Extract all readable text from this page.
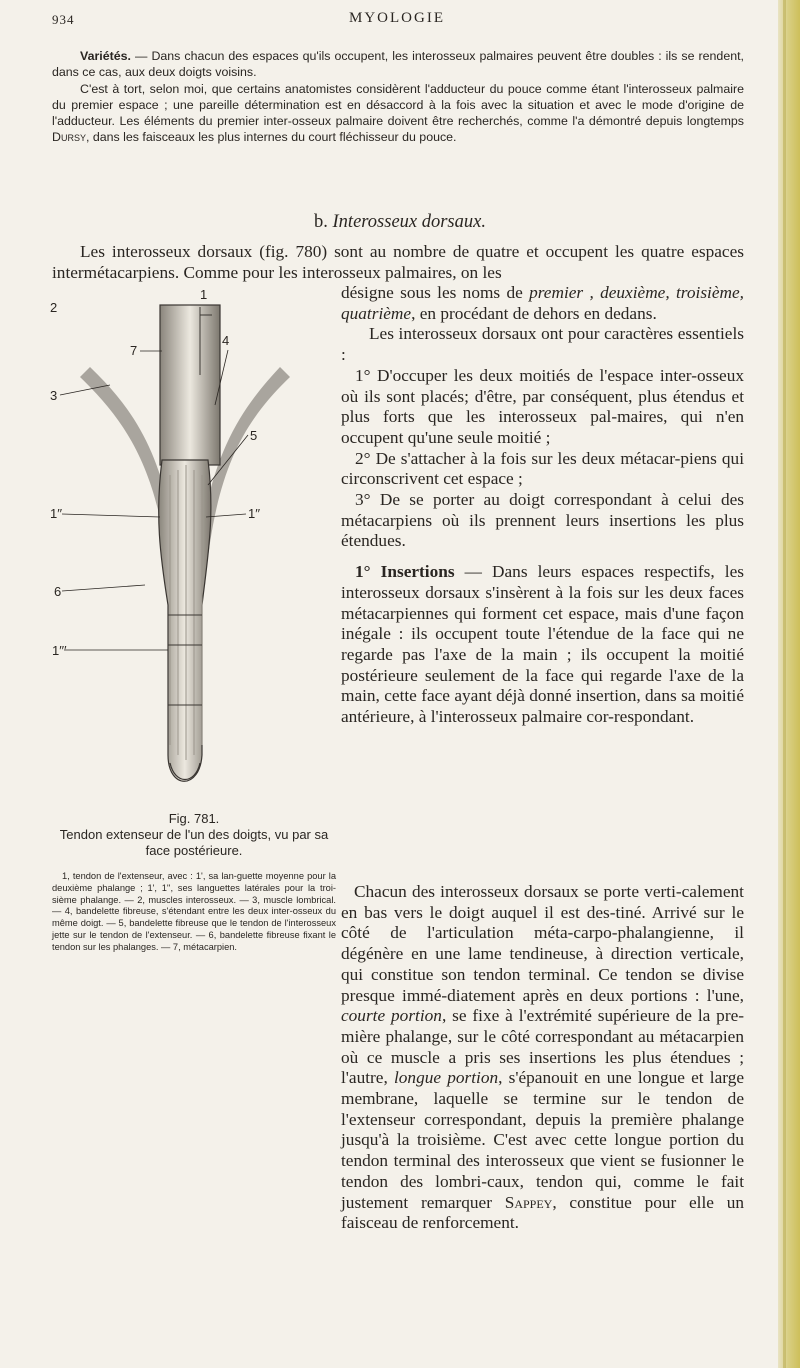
934	MYOLOGIE

Variétés. — Dans chacun des espaces qu'ils occupent, les interosseux palmaires peuvent être doubles : ils se rendent, dans ce cas, aux deux doigts voisins.

C'est à tort, selon moi, que certains anatomistes considèrent l'adducteur du pouce comme étant l'interosseux palmaire du premier espace ; une pareille détermination est en désaccord à la fois avec la situation et avec le mode d'origine de l'adducteur. Les éléments du premier inter-osseux palmaire doivent être recherchés, comme l'a démontré depuis longtemps Dursy, dans les faisceaux les plus internes du court fléchisseur du pouce.

b. Interosseux dorsaux.

Les interosseux dorsaux (fig. 780) sont au nombre de quatre et occupent les quatre espaces intermétacarpiens. Comme pour les interosseux palmaires, on les

désigne sous les noms de premier , deuxième, troisième, quatrième, en procédant de dehors en dedans.

Les interosseux dorsaux ont pour caractères essentiels :

1° D'occuper les deux moitiés de l'espace inter-osseux où ils sont placés; d'être, par conséquent, plus étendus et plus forts que les interosseux pal-maires, qui n'en occupent qu'une seule moitié ;

2° De s'attacher à la fois sur les deux métacar-piens qui circonscrivent cet espace ;

3° De se porter au doigt correspondant à celui des métacarpiens où ils prennent leurs insertions les plus étendues.

1° Insertions — Dans leurs espaces respectifs, les interosseux dorsaux s'insèrent à la fois sur les deux faces métacarpiennes qui forment cet espace, mais d'une façon inégale : ils occupent toute l'étendue de la face qui ne regarde pas l'axe de la main ; ils occupent la moitié postérieure seulement de la face qui regarde l'axe de la main, cette face ayant déjà donné insertion, dans sa moitié antérieure, à l'interosseux palmaire cor-respondant.

Chacun des interosseux dorsaux se porte verti-calement en bas vers le doigt auquel il est des-tiné. Arrivé sur le côté de l'articulation méta-carpo-phalangienne, il dégénère en une lame tendineuse, à direction verticale, qui constitue son tendon terminal. Ce tendon se divise presque immé-diatement après en deux portions : l'une, courte portion, se fixe à l'extrémité supérieure de la pre-mière phalange, sur le côté correspondant au métacarpien où ce muscle a pris ses insertions les plus étendues ; l'autre, longue portion, s'épanouit en une longue et large membrane, laquelle se termine sur le tendon de l'extenseur correspondant, depuis la première phalange jusqu'à la troisième. C'est avec cette longue portion du tendon terminal des interosseux que vient se fusionner le tendon des lombri-caux, tendon qui, comme le fait justement remarquer Sappey, constitue pour elle un faisceau de renforcement.

1
2
3
4
5
6
7
1′′	1′′
1′′′
Fig. 781.
Tendon extenseur de l'un des doigts, vu par sa face postérieure.
1, tendon de l'extenseur, avec : 1', sa lan-guette moyenne pour la deuxième phalange ; 1', 1'', ses languettes latérales pour la troi-sième phalange. — 2, muscles interosseux. — 3, muscle lombrical. — 4, bandelette fibreuse, s'étendant entre les deux inter-osseux du même doigt. — 5, bandelette fibreuse que le tendon de l'interosseux jette sur le tendon de l'extenseur. — 6, bandelette fibreuse fixant le tendon sur les phalanges. — 7, métacarpien.
